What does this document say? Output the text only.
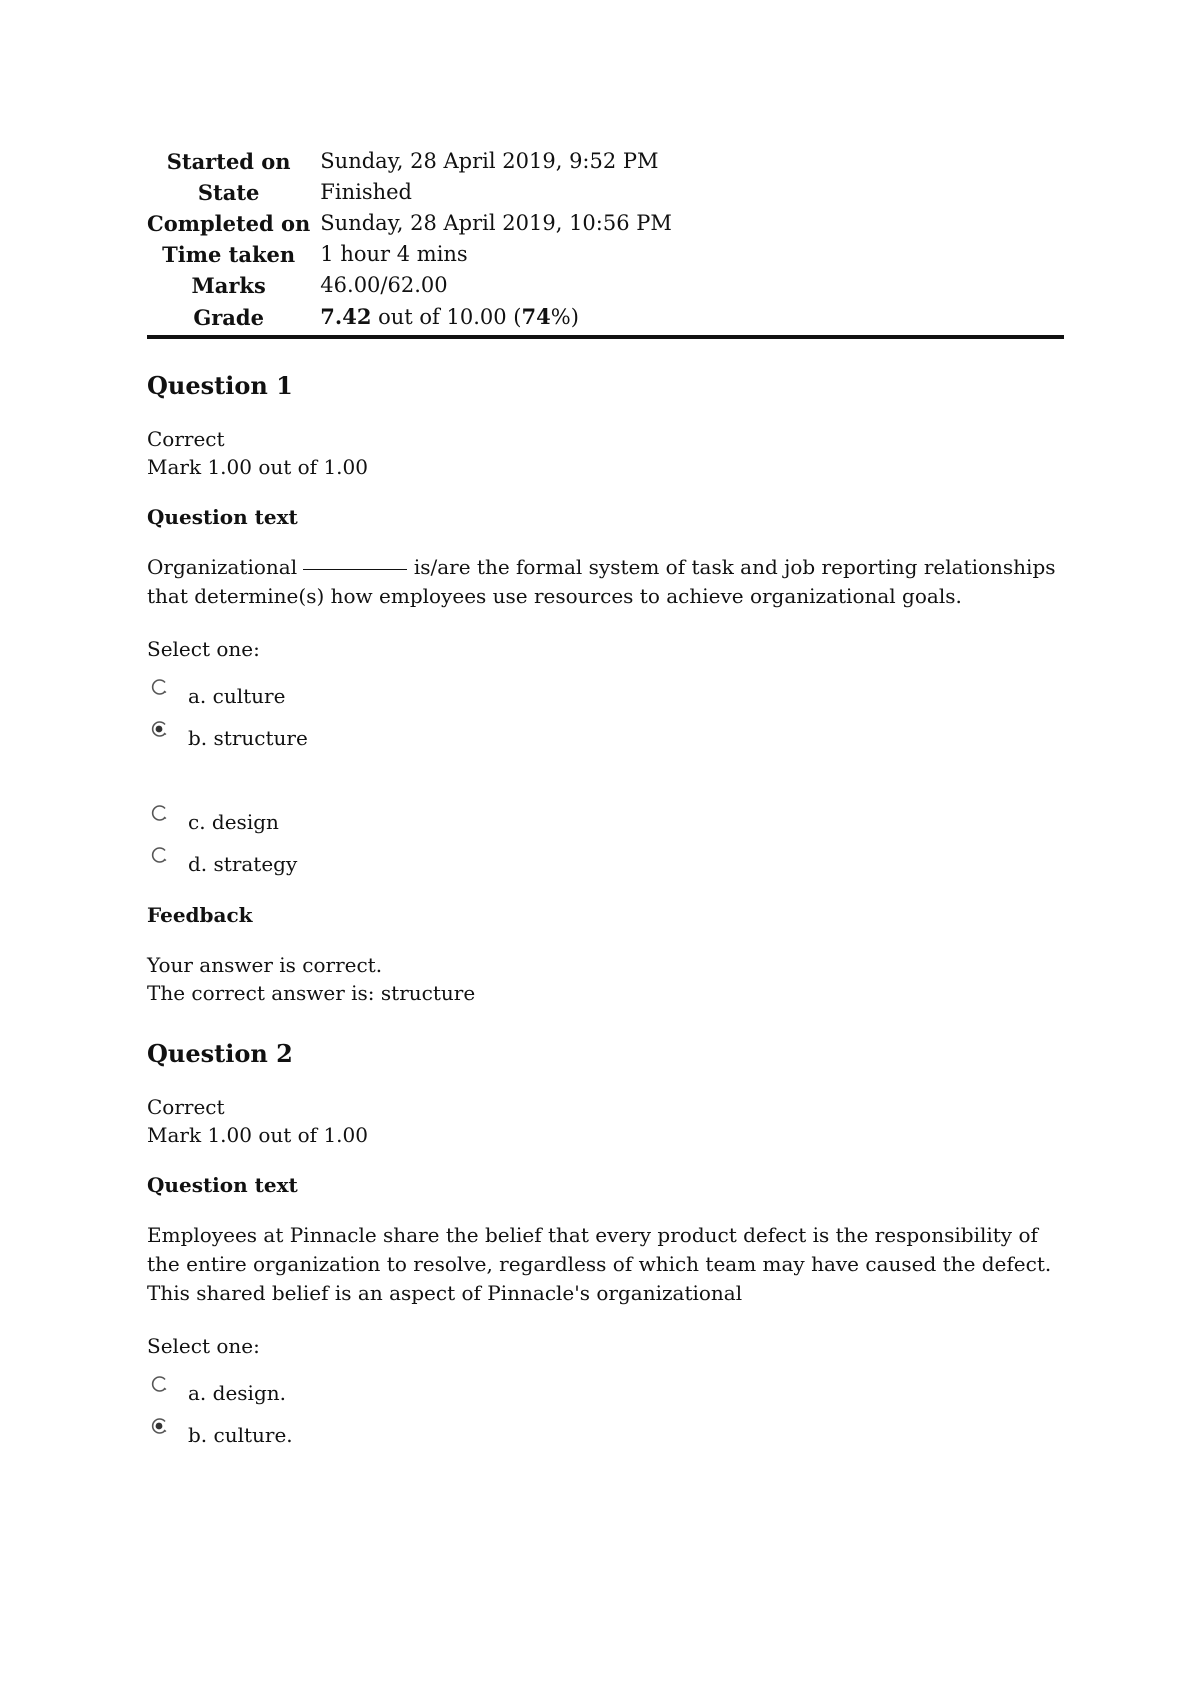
Started on	Sunday, 28 April 2019, 9:52 PM
State	Finished
Completed on	Sunday, 28 April 2019, 10:56 PM
Time taken	1 hour 4 mins
Marks	46.00/62.00
Grade	7.42 out of 10.00 (74%)
Question 1
Correct
Mark 1.00 out of 1.00
Question text
Organizational	is/are the formal system of task and job reporting relationships that determine(s) how employees use resources to achieve organizational goals.
Select one:
a. culture
b. structure
c. design
d. strategy
Feedback
Your answer is correct.
The correct answer is: structure
Question 2
Correct
Mark 1.00 out of 1.00
Question text
Employees at Pinnacle share the belief that every product defect is the responsibility of the entire organization to resolve, regardless of which team may have caused the defect. This shared belief is an aspect of Pinnacle's organizational
Select one:
a. design.
b. culture.
